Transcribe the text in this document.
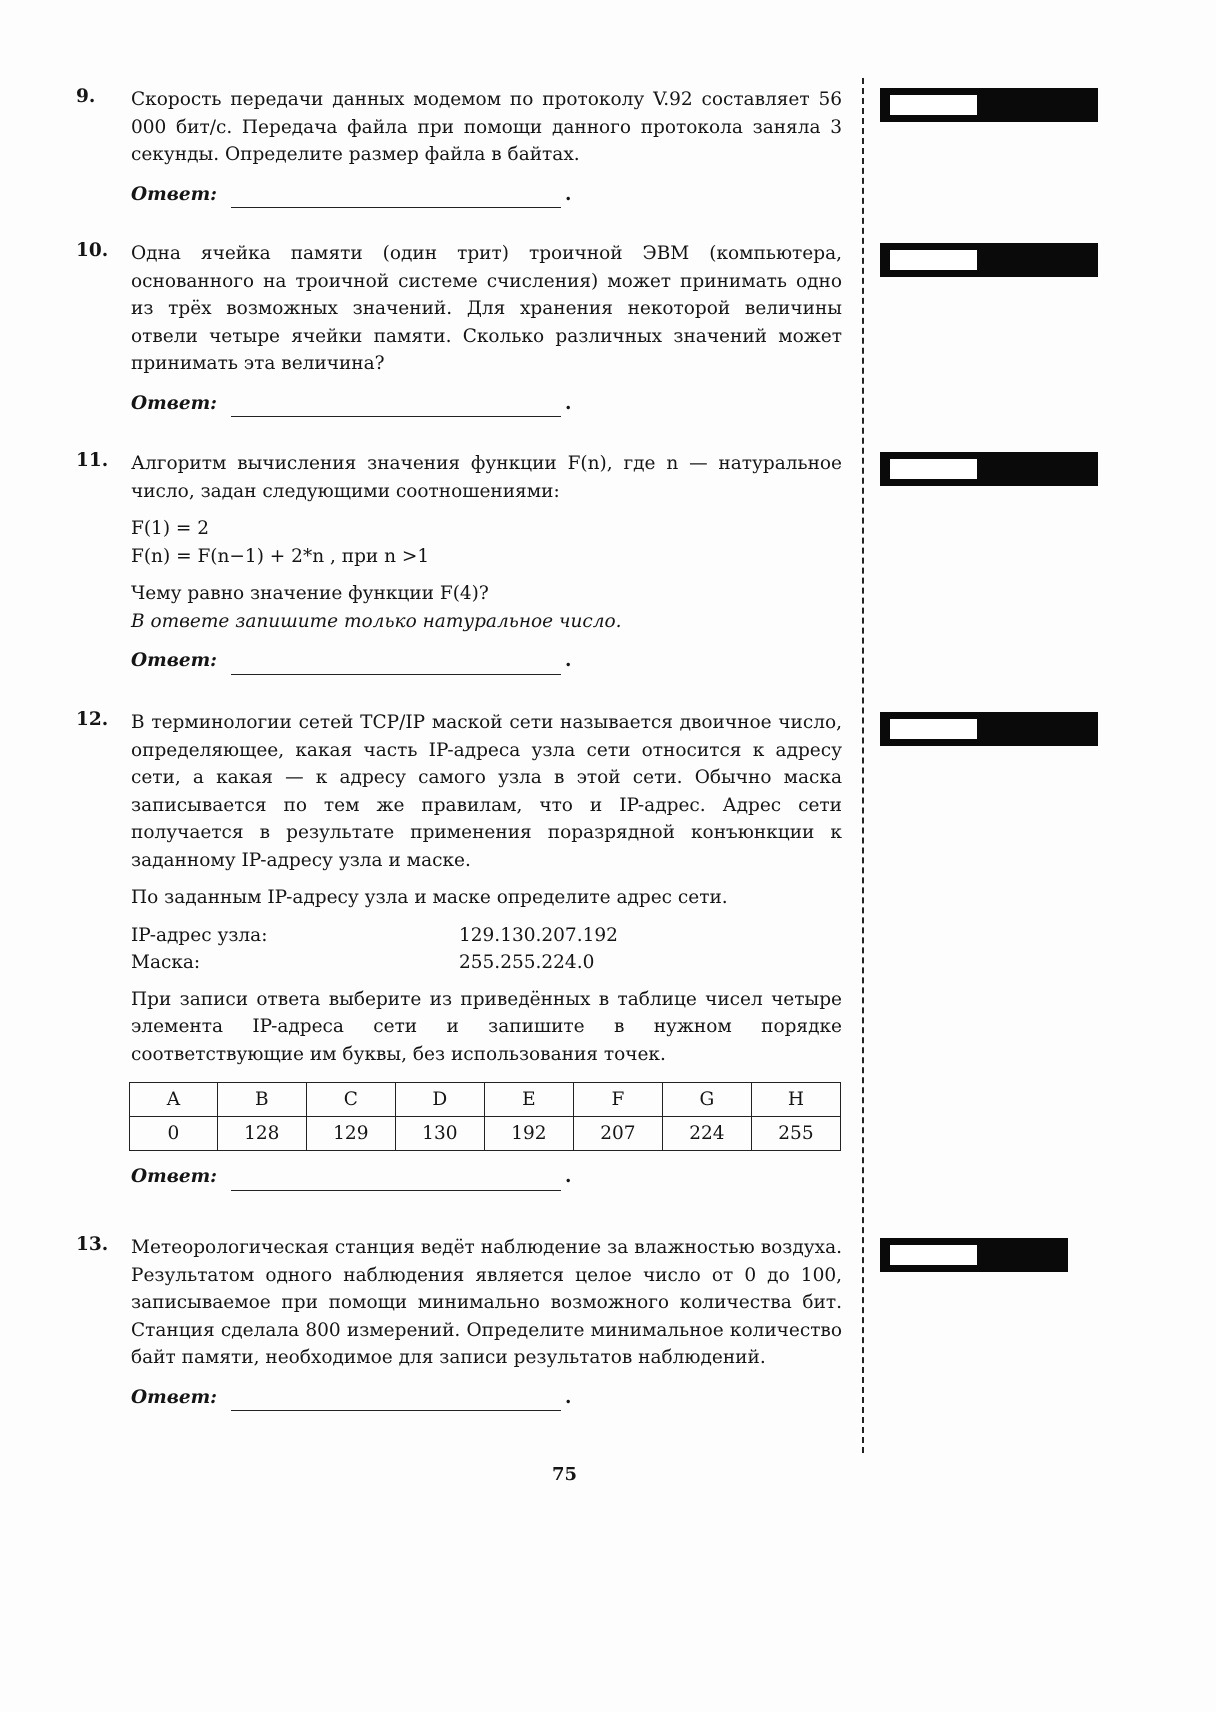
9. Скорость передачи данных модемом по протоколу V.92 составляет 56 000 бит/с. Передача файла при помощи данного протокола заняла 3 секунды. Определите размер файла в байтах.

Ответ:	.
10. Одна ячейка памяти (один трит) троичной ЭВМ (компьютера, основанного на троичной системе счисления) может принимать одно из трёх возможных значений. Для хранения некоторой величины отвели четыре ячейки памяти. Сколько различных значений может принимать эта величина?

Ответ:	.
11. Алгоритм вычисления значения функции F(n), где n — натуральное число, задан следующими соотношениями:

F(1) = 2

F(n) = F(n−1) + 2*n , при n >1

Чему равно значение функции F(4)?

В ответе запишите только натуральное число.

Ответ:	.
12. В терминологии сетей TCP/IP маской сети называется двоичное число, определяющее, какая часть IP-адреса узла сети относится к адресу сети, а какая — к адресу самого узла в этой сети. Обычно маска записывается по тем же правилам, что и IP-адрес. Адрес сети получается в результате применения поразрядной конъюнкции к заданному IP-адресу узла и маске.

По заданным IP-адресу узла и маске определите адрес сети.

IP-адрес узла:	129.130.207.192
Маска:	255.255.224.0

При записи ответа выберите из приведённых в таблице чисел четыре элемента IP-адреса сети и запишите в нужном порядке соответствующие им буквы, без использования точек.

A	B	C	D	E	F	G	H
0	128	129	130	192	207	224	255
Ответ:	.
13. Метеорологическая станция ведёт наблюдение за влажностью воздуха. Результатом одного наблюдения является целое число от 0 до 100, записываемое при помощи минимально возможного количества бит. Станция сделала 800 измерений. Определите минимальное количество байт памяти, необходимое для записи результатов наблюдений.

Ответ:	.
75
